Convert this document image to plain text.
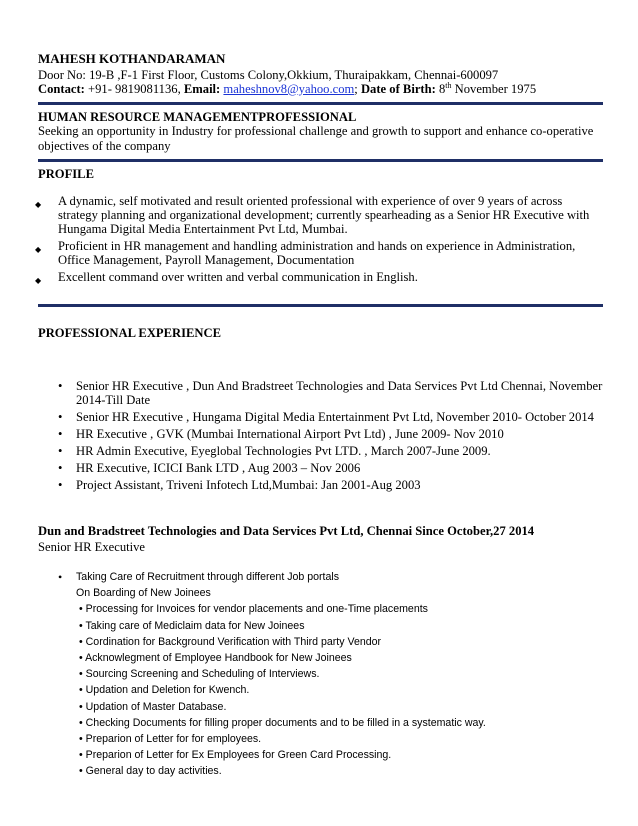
MAHESH KOTHANDARAMAN
Door No: 19-B ,F-1 First Floor, Customs Colony,Okkium, Thuraipakkam, Chennai-600097
Contact: +91- 9819081136, Email: maheshnov8@yahoo.com; Date of Birth: 8th November 1975
HUMAN RESOURCE MANAGEMENTPROFESSIONAL
Seeking an opportunity in Industry for professional challenge and growth to support and enhance co-operative objectives of the company
PROFILE
◆ A dynamic, self motivated and result oriented professional with experience of over 9 years of across strategy planning and organizational development; currently spearheading as a Senior HR Executive with Hungama Digital Media Entertainment Pvt Ltd, Mumbai.
◆ Proficient in HR management and handling administration and hands on experience in Administration, Office Management, Payroll Management, Documentation
◆ Excellent command over written and verbal communication in English.
PROFESSIONAL EXPERIENCE
• Senior HR Executive , Dun And Bradstreet Technologies and Data Services Pvt Ltd Chennai, November 2014-Till Date
• Senior HR Executive , Hungama Digital Media Entertainment Pvt Ltd, November 2010- October 2014
• HR Executive , GVK (Mumbai International Airport Pvt Ltd) , June 2009- Nov 2010
• HR Admin Executive, Eyeglobal Technologies Pvt LTD. , March 2007-June 2009.
• HR Executive, ICICI Bank LTD , Aug 2003 – Nov 2006
• Project Assistant, Triveni Infotech Ltd,Mumbai: Jan 2001-Aug 2003
Dun and Bradstreet Technologies and Data Services Pvt Ltd, Chennai Since October,27 2014
Senior HR Executive
• Taking Care of Recruitment through different Job portals
On Boarding of New Joinees
• Processing for Invoices for vendor placements and one-Time placements
• Taking care of Mediclaim data for New Joinees
• Cordination for Background Verification with Third party Vendor
• Acknowlegment of Employee Handbook for New Joinees
• Sourcing Screening and Scheduling of Interviews.
• Updation and Deletion for Kwench.
• Updation of Master Database.
• Checking Documents for filling proper documents and to be filled in a systematic way.
• Preparion of Letter for for employees.
• Preparion of Letter for Ex Employees for Green Card Processing.
• General day to day activities.
